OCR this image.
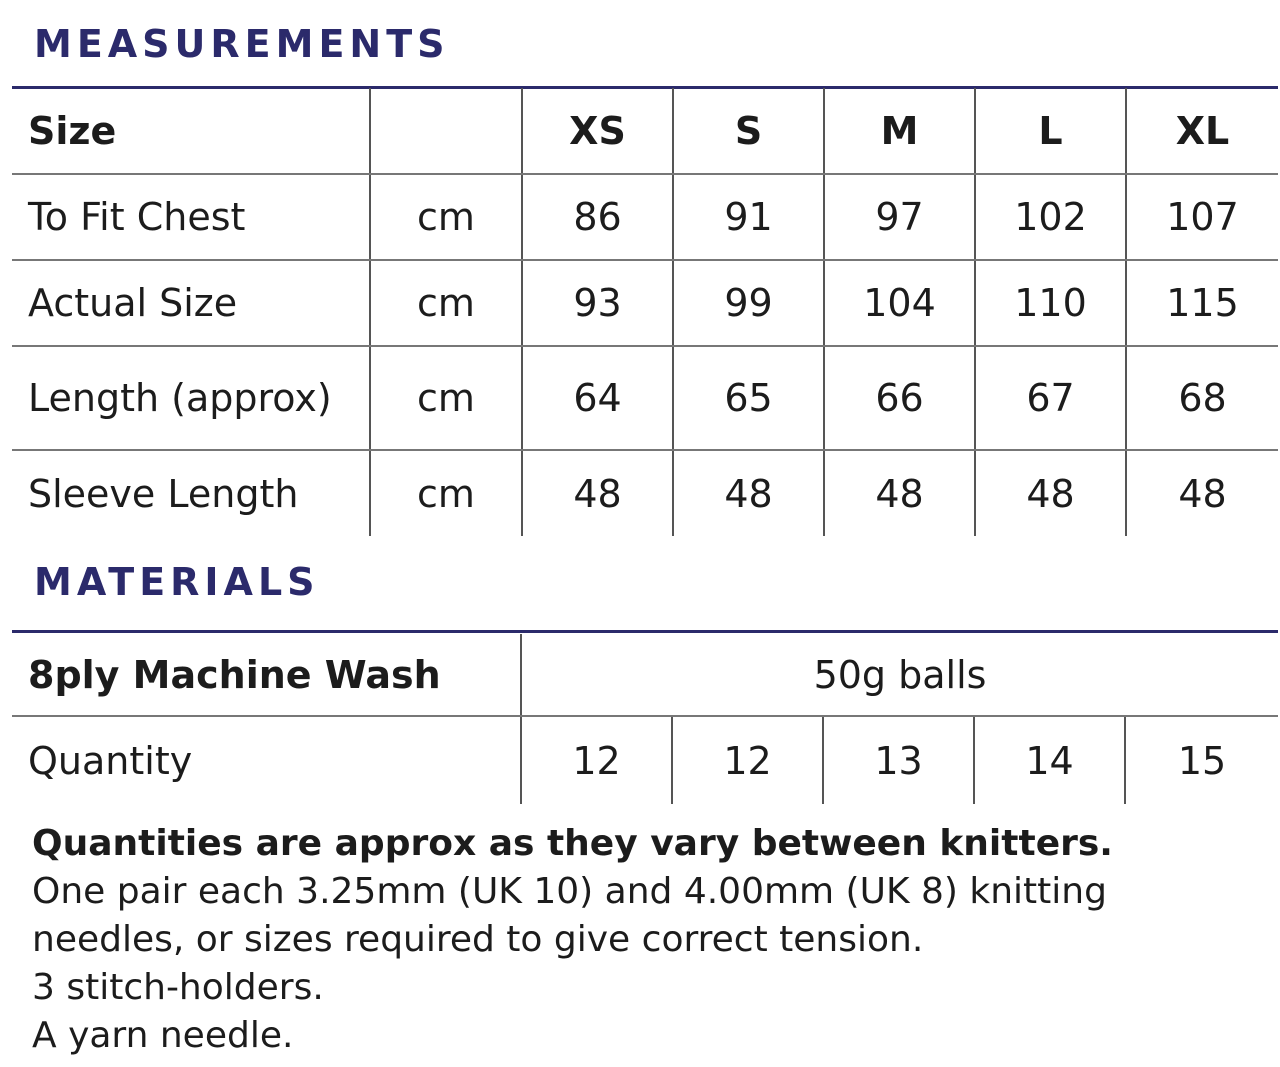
MEASUREMENTS
Size		XS	S	M	L	XL
To Fit Chest	cm	86	91	97	102	107
Actual Size	cm	93	99	104	110	115
Length (approx)	cm	64	65	66	67	68
Sleeve Length	cm	48	48	48	48	48
MATERIALS
8ply Machine Wash	50g balls				
Quantity	12	12	13	14	15

Quantities are approx as they vary between knitters.

One pair each 3.25mm (UK 10) and 4.00mm (UK 8) knitting needles, or sizes required to give correct tension.

3 stitch-holders.

A yarn needle.
